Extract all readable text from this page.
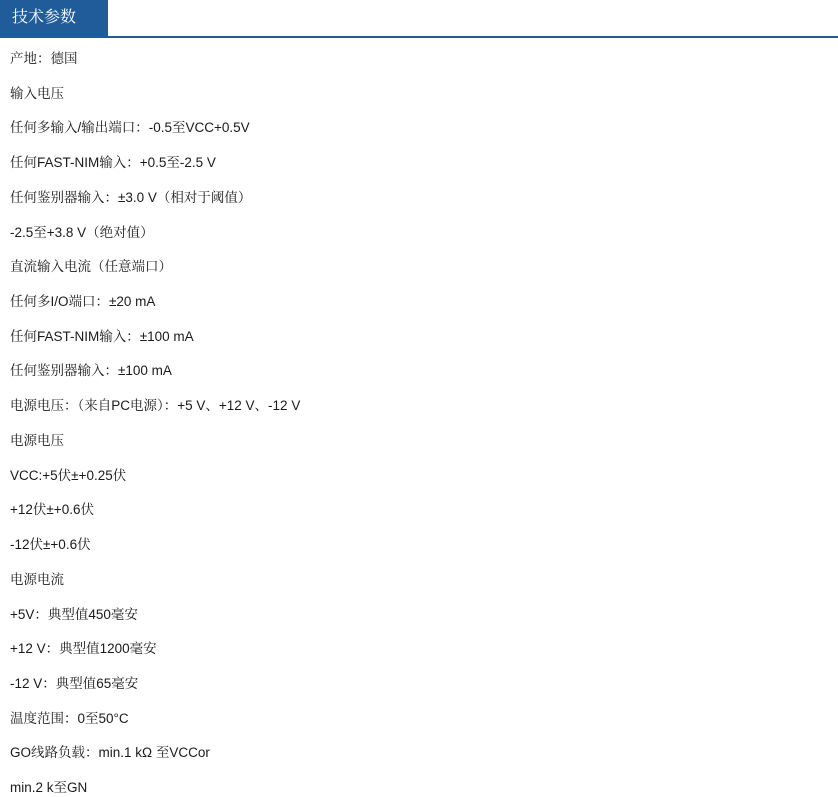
技术参数

产地：德国

输入电压

任何多输入/输出端口：-0.5至VCC+0.5V

任何FAST-NIM输入：+0.5至-2.5 V

任何鉴别器输入：±3.0 V（相对于阈值）

-2.5至+3.8 V（绝对值）

直流输入电流（任意端口）

任何多I/O端口：±20 mA

任何FAST-NIM输入：±100 mA

任何鉴别器输入：±100 mA

电源电压：（来自PC电源）：+5 V、+12 V、-12 V

电源电压

VCC:+5伏±+0.25伏

+12伏±+0.6伏

-12伏±+0.6伏

电源电流

+5V：典型值450毫安

+12 V：典型值1200毫安

-12 V：典型值65毫安

温度范围：0至50°C

GO线路负载：min.1 kΩ 至VCCor

min.2 k至GN
